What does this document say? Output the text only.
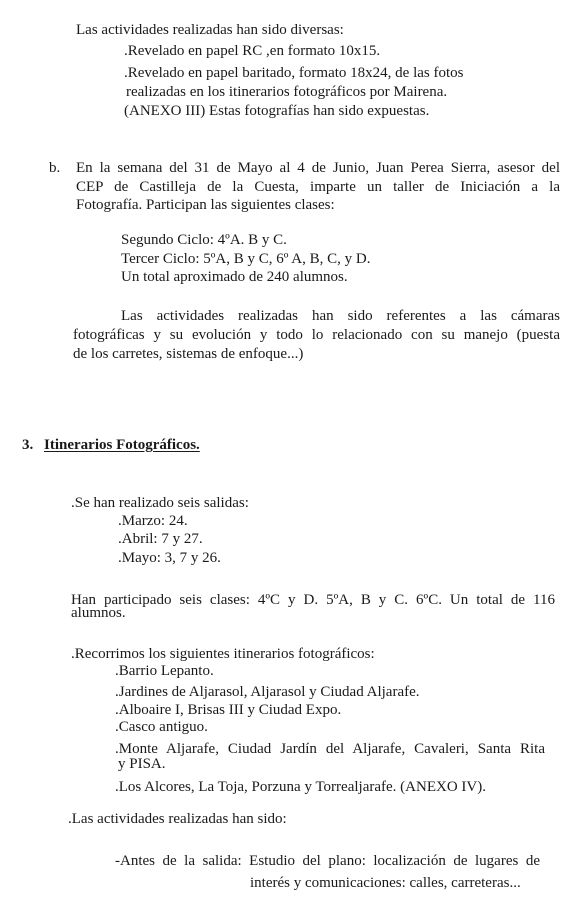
Las actividades realizadas han sido diversas:
.Revelado en papel RC ,en formato 10x15.
.Revelado en papel baritado, formato 18x24, de las fotos
realizadas en los itinerarios fotográficos por Mairena.
(ANEXO III) Estas fotografías han sido expuestas.
b. En la semana del 31 de Mayo al 4 de Junio, Juan Perea Sierra, asesor del
CEP de Castilleja de la Cuesta, imparte un taller de Iniciación a la
Fotografía. Participan las siguientes clases:
Segundo Ciclo: 4ºA. B y C.
Tercer Ciclo: 5ºA, B y C, 6º A, B, C, y D.
Un total aproximado de 240 alumnos.
Las actividades realizadas han sido referentes a las cámaras
fotográficas y su evolución y todo lo relacionado con su manejo (puesta
de los carretes, sistemas de enfoque...)
3. Itinerarios Fotográficos.
.Se han realizado seis salidas:
.Marzo: 24.
.Abril: 7 y 27.
.Mayo: 3, 7 y 26.
Han participado seis clases: 4ºC y D. 5ºA, B y C. 6ºC. Un total de 116
alumnos.
.Recorrimos los siguientes itinerarios fotográficos:
.Barrio Lepanto.
.Jardines de Aljarasol, Aljarasol y Ciudad Aljarafe.
.Alboaire I, Brisas III y Ciudad Expo.
.Casco antiguo.
.Monte Aljarafe, Ciudad Jardín del Aljarafe, Cavaleri, Santa Rita
y PISA.
.Los Alcores, La Toja, Porzuna y Torrealjarafe. (ANEXO IV).
.Las actividades realizadas han sido:
-Antes de la salida: Estudio del plano: localización de lugares de
interés y comunicaciones: calles, carreteras...
